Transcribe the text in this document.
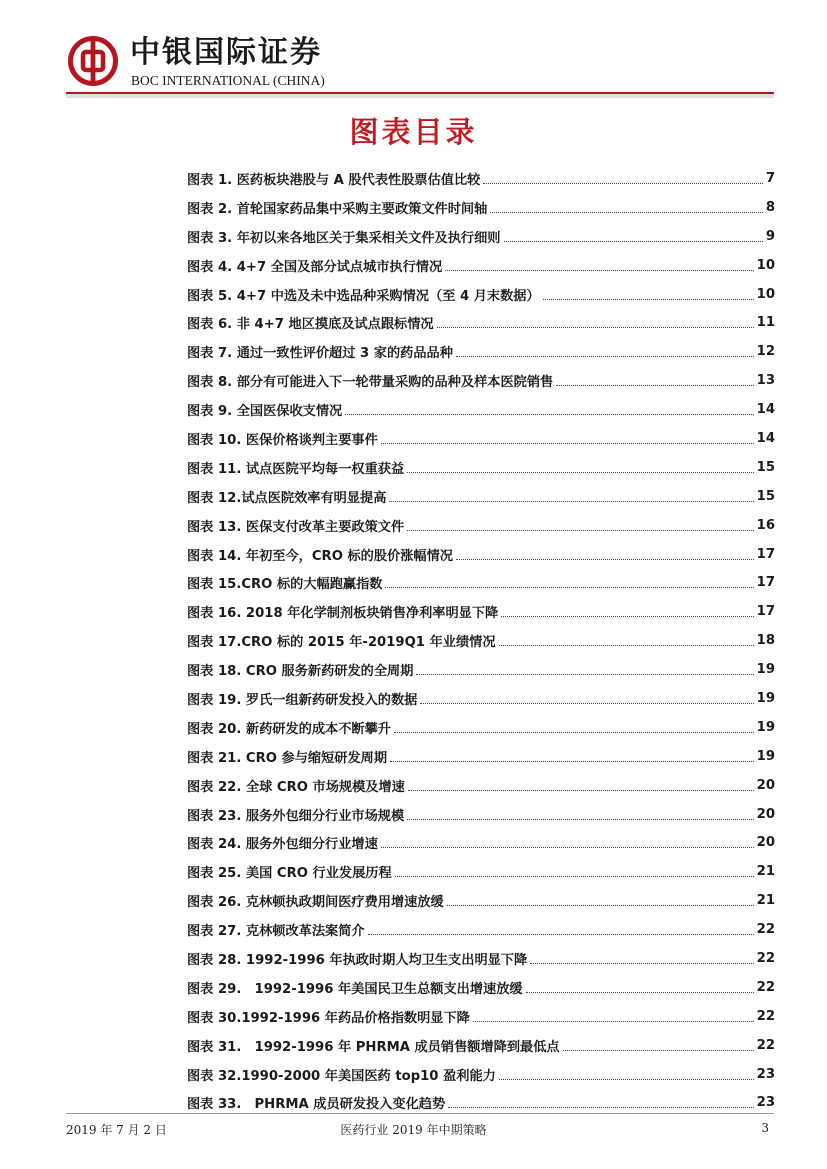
中银国际证券
BOC INTERNATIONAL (CHINA)
图表目录
图表 1. 医药板块港股与 A 股代表性股票估值比较	7
图表 2. 首轮国家药品集中采购主要政策文件时间轴	8
图表 3. 年初以来各地区关于集采相关文件及执行细则	9
图表 4. 4+7 全国及部分试点城市执行情况	10
图表 5. 4+7 中选及未中选品种采购情况（至 4 月末数据）	10
图表 6. 非 4+7 地区摸底及试点跟标情况	11
图表 7. 通过一致性评价超过 3 家的药品品种	12
图表 8. 部分有可能进入下一轮带量采购的品种及样本医院销售	13
图表 9. 全国医保收支情况	14
图表 10. 医保价格谈判主要事件	14
图表 11. 试点医院平均每一权重获益	15
图表 12.试点医院效率有明显提高	15
图表 13. 医保支付改革主要政策文件	16
图表 14. 年初至今，CRO 标的股价涨幅情况	17
图表 15.CRO 标的大幅跑赢指数	17
图表 16. 2018 年化学制剂板块销售净利率明显下降	17
图表 17.CRO 标的 2015 年-2019Q1 年业绩情况	18
图表 18. CRO 服务新药研发的全周期	19
图表 19. 罗氏一组新药研发投入的数据	19
图表 20. 新药研发的成本不断攀升	19
图表 21. CRO 参与缩短研发周期	19
图表 22. 全球 CRO 市场规模及增速	20
图表 23. 服务外包细分行业市场规模	20
图表 24. 服务外包细分行业增速	20
图表 25. 美国 CRO 行业发展历程	21
图表 26. 克林顿执政期间医疗费用增速放缓	21
图表 27. 克林顿改革法案简介	22
图表 28. 1992-1996 年执政时期人均卫生支出明显下降	22
图表 29.　1992-1996 年美国民卫生总额支出增速放缓	22
图表 30.1992-1996 年药品价格指数明显下降	22
图表 31.　1992-1996 年 PHRMA 成员销售额增降到最低点	22
图表 32.1990-2000 年美国医药 top10 盈利能力	23
图表 33.　PHRMA 成员研发投入变化趋势	23
2019 年 7 月 2 日	医药行业 2019 年中期策略	3
